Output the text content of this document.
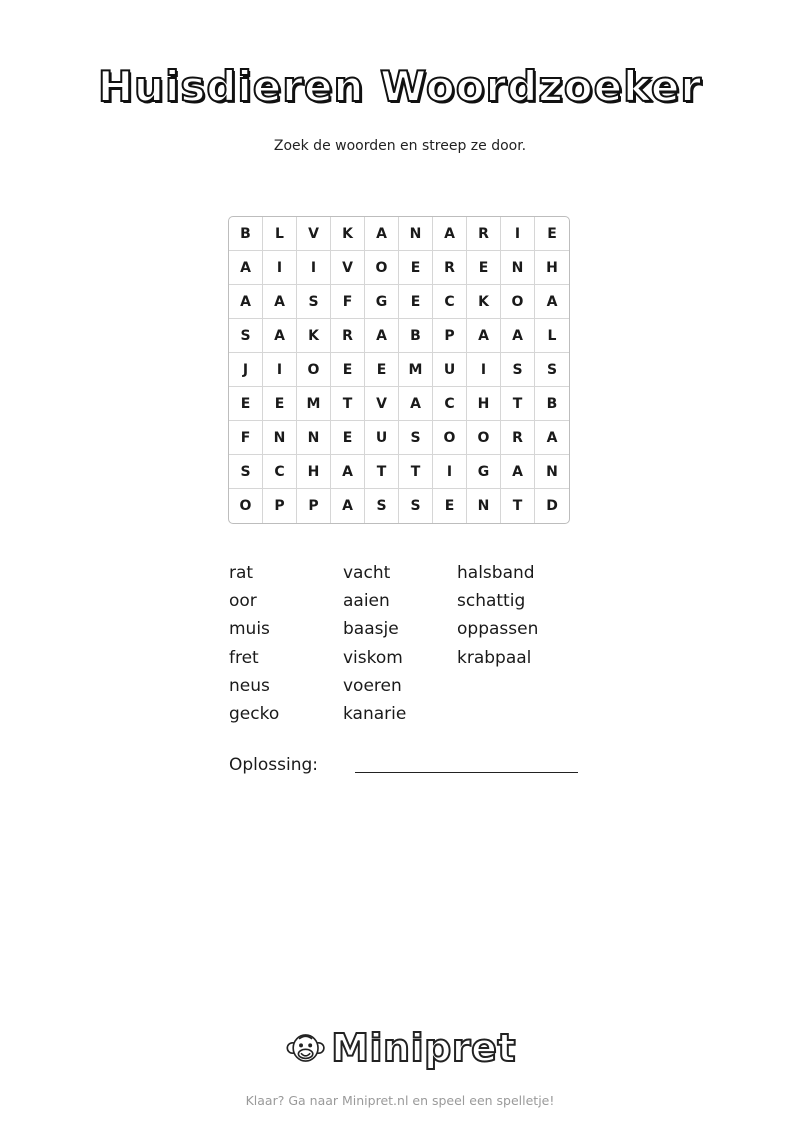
Huisdieren Woordzoeker
Zoek de woorden en streep ze door.
B	L	V	K	A	N	A	R	I	E
A	I	I	V	O	E	R	E	N	H
A	A	S	F	G	E	C	K	O	A
S	A	K	R	A	B	P	A	A	L
J	I	O	E	E	M	U	I	S	S
E	E	M	T	V	A	C	H	T	B
F	N	N	E	U	S	O	O	R	A
S	C	H	A	T	T	I	G	A	N
O	P	P	A	S	S	E	N	T	D
rat
oor
muis
fret
neus
gecko
vacht
aaien
baasje
viskom
voeren
kanarie
halsband
schattig
oppassen
krabpaal
Oplossing:
Minipret
Klaar? Ga naar Minipret.nl en speel een spelletje!
